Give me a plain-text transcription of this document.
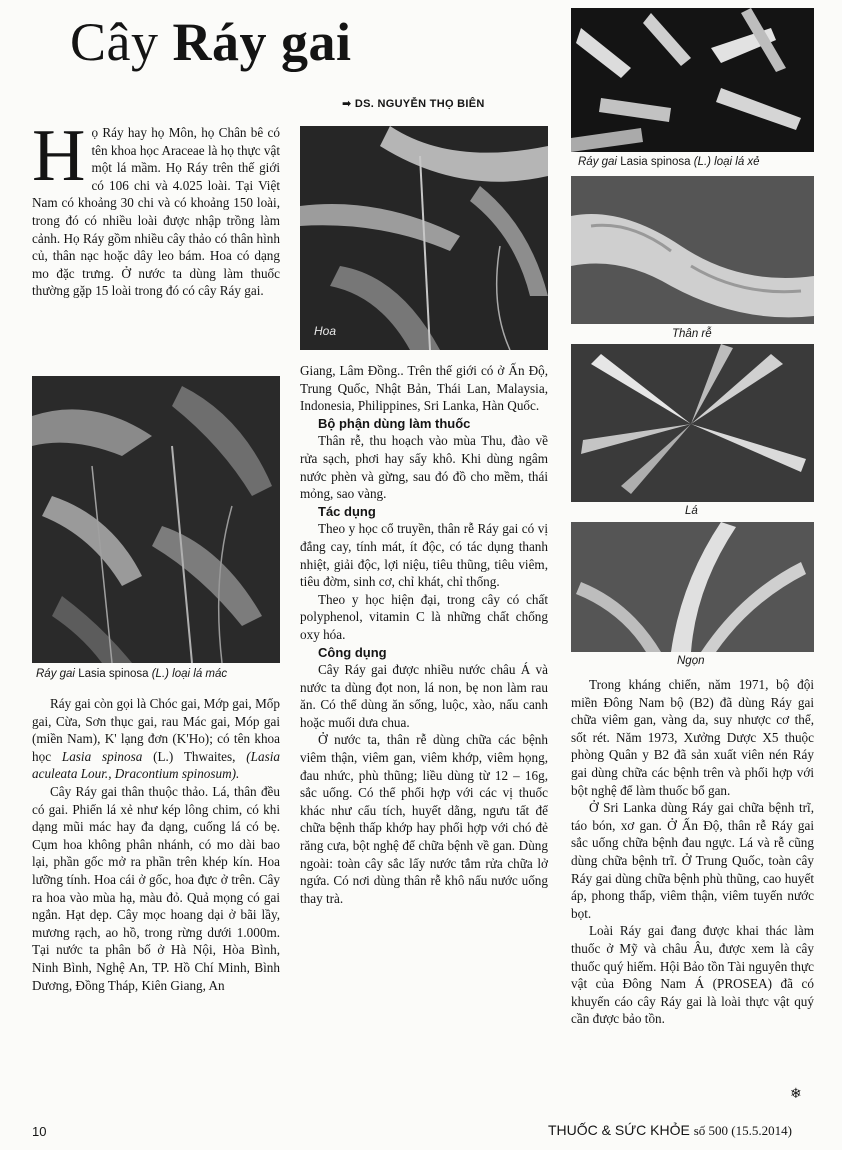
Cây Ráy gai
➡ DS. NGUYỄN THỌ BIÊN
Họ Ráy hay họ Môn, họ Chân bê có tên khoa học Araceae là họ thực vật một lá mầm. Họ Ráy trên thế giới có 106 chi và 4.025 loài. Tại Việt Nam có khoảng 30 chi và có khoảng 150 loài, trong đó có nhiều loài được nhập trồng làm cảnh. Họ Ráy gồm nhiều cây thảo có thân hình củ, thân nạc hoặc dây leo bám. Hoa có dạng mo đặc trưng. Ở nước ta dùng làm thuốc thường gặp 15 loài trong đó có cây Ráy gai.
Ráy gai Lasia spinosa (L.) loại lá mác

Ráy gai còn gọi là Chóc gai, Mớp gai, Mốp gai, Cừa, Sơn thục gai, rau Mác gai, Móp gai (miền Nam), K' lạng đơn (K'Ho); có tên khoa học Lasia spinosa (L.) Thwaites, (Lasia aculeata Lour., Dracontium spinosum).

Cây Ráy gai thân thuộc thảo. Lá, thân đều có gai. Phiến lá xẻ như kép lông chim, có khi dạng mũi mác hay đa dạng, cuống lá có bẹ. Cụm hoa không phân nhánh, có mo dài bao lại, phần gốc mở ra phần trên khép kín. Hoa lưỡng tính. Hoa cái ở gốc, hoa đực ở trên. Cây ra hoa vào mùa hạ, màu đỏ. Quả mọng có gai ngắn. Hạt dẹp. Cây mọc hoang dại ở bãi lầy, mương rạch, ao hồ, trong rừng dưới 1.000m. Tại nước ta phân bố ở Hà Nội, Hòa Bình, Ninh Bình, Nghệ An, TP. Hồ Chí Minh, Bình Dương, Đồng Tháp, Kiên Giang, An

Hoa

Giang, Lâm Đồng.. Trên thế giới có ở Ấn Độ, Trung Quốc, Nhật Bản, Thái Lan, Malaysia, Indonesia, Philippines, Sri Lanka, Hàn Quốc.

Bộ phận dùng làm thuốc

Thân rễ, thu hoạch vào mùa Thu, đào về rửa sạch, phơi hay sấy khô. Khi dùng ngâm nước phèn và gừng, sau đó đồ cho mềm, thái mỏng, sao vàng.

Tác dụng

Theo y học cổ truyền, thân rễ Ráy gai có vị đắng cay, tính mát, ít độc, có tác dụng thanh nhiệt, giải độc, lợi niệu, tiêu thũng, tiêu viêm, tiêu đờm, sinh cơ, chỉ khát, chỉ thống.

Theo y học hiện đại, trong cây có chất polyphenol, vitamin C là những chất chống oxy hóa.

Công dụng

Cây Ráy gai được nhiều nước châu Á và nước ta dùng đọt non, lá non, bẹ non làm rau ăn. Có thể dùng ăn sống, luộc, xào, nấu canh hoặc muối dưa chua.

Ở nước ta, thân rễ dùng chữa các bệnh viêm thận, viêm gan, viêm khớp, viêm họng, đau nhức, phù thũng; liều dùng từ 12 – 16g, sắc uống. Có thể phối hợp với các vị thuốc khác như cẩu tích, huyết dằng, ngưu tất để chữa bệnh thấp khớp hay phối hợp với chó đẻ răng cưa, bột nghệ để chữa bệnh về gan. Dùng ngoài: toàn cây sắc lấy nước tắm rửa chữa lở ngứa. Có nơi dùng thân rễ khô nấu nước uống thay trà.

Ráy gai Lasia spinosa (L.) loại lá xẻ
Thân rễ
Lá
Ngọn

Trong kháng chiến, năm 1971, bộ đội miền Đông Nam bộ (B2) đã dùng Ráy gai chữa viêm gan, vàng da, suy nhược cơ thể, sốt rét. Năm 1973, Xưởng Dược X5 thuộc phòng Quân y B2 đã sản xuất viên nén Ráy gai dùng chữa các bệnh trên và phối hợp với bột nghệ để làm thuốc bổ gan.

Ở Sri Lanka dùng Ráy gai chữa bệnh trĩ, táo bón, xơ gan. Ở Ấn Độ, thân rễ Ráy gai sắc uống chữa bệnh đau ngực. Lá và rễ cũng dùng chữa bệnh trĩ. Ở Trung Quốc, toàn cây Ráy gai dùng chữa bệnh phù thũng, cao huyết áp, phong thấp, viêm thận, viêm tuyến nước bọt.

Loài Ráy gai đang được khai thác làm thuốc ở Mỹ và châu Âu, được xem là cây thuốc quý hiếm. Hội Bảo tồn Tài nguyên thực vật của Đông Nam Á (PROSEA) đã có khuyến cáo cây Ráy gai là loài thực vật quý cần được bảo tồn.

❄
10	THUỐC & SỨC KHỎE số 500 (15.5.2014)
